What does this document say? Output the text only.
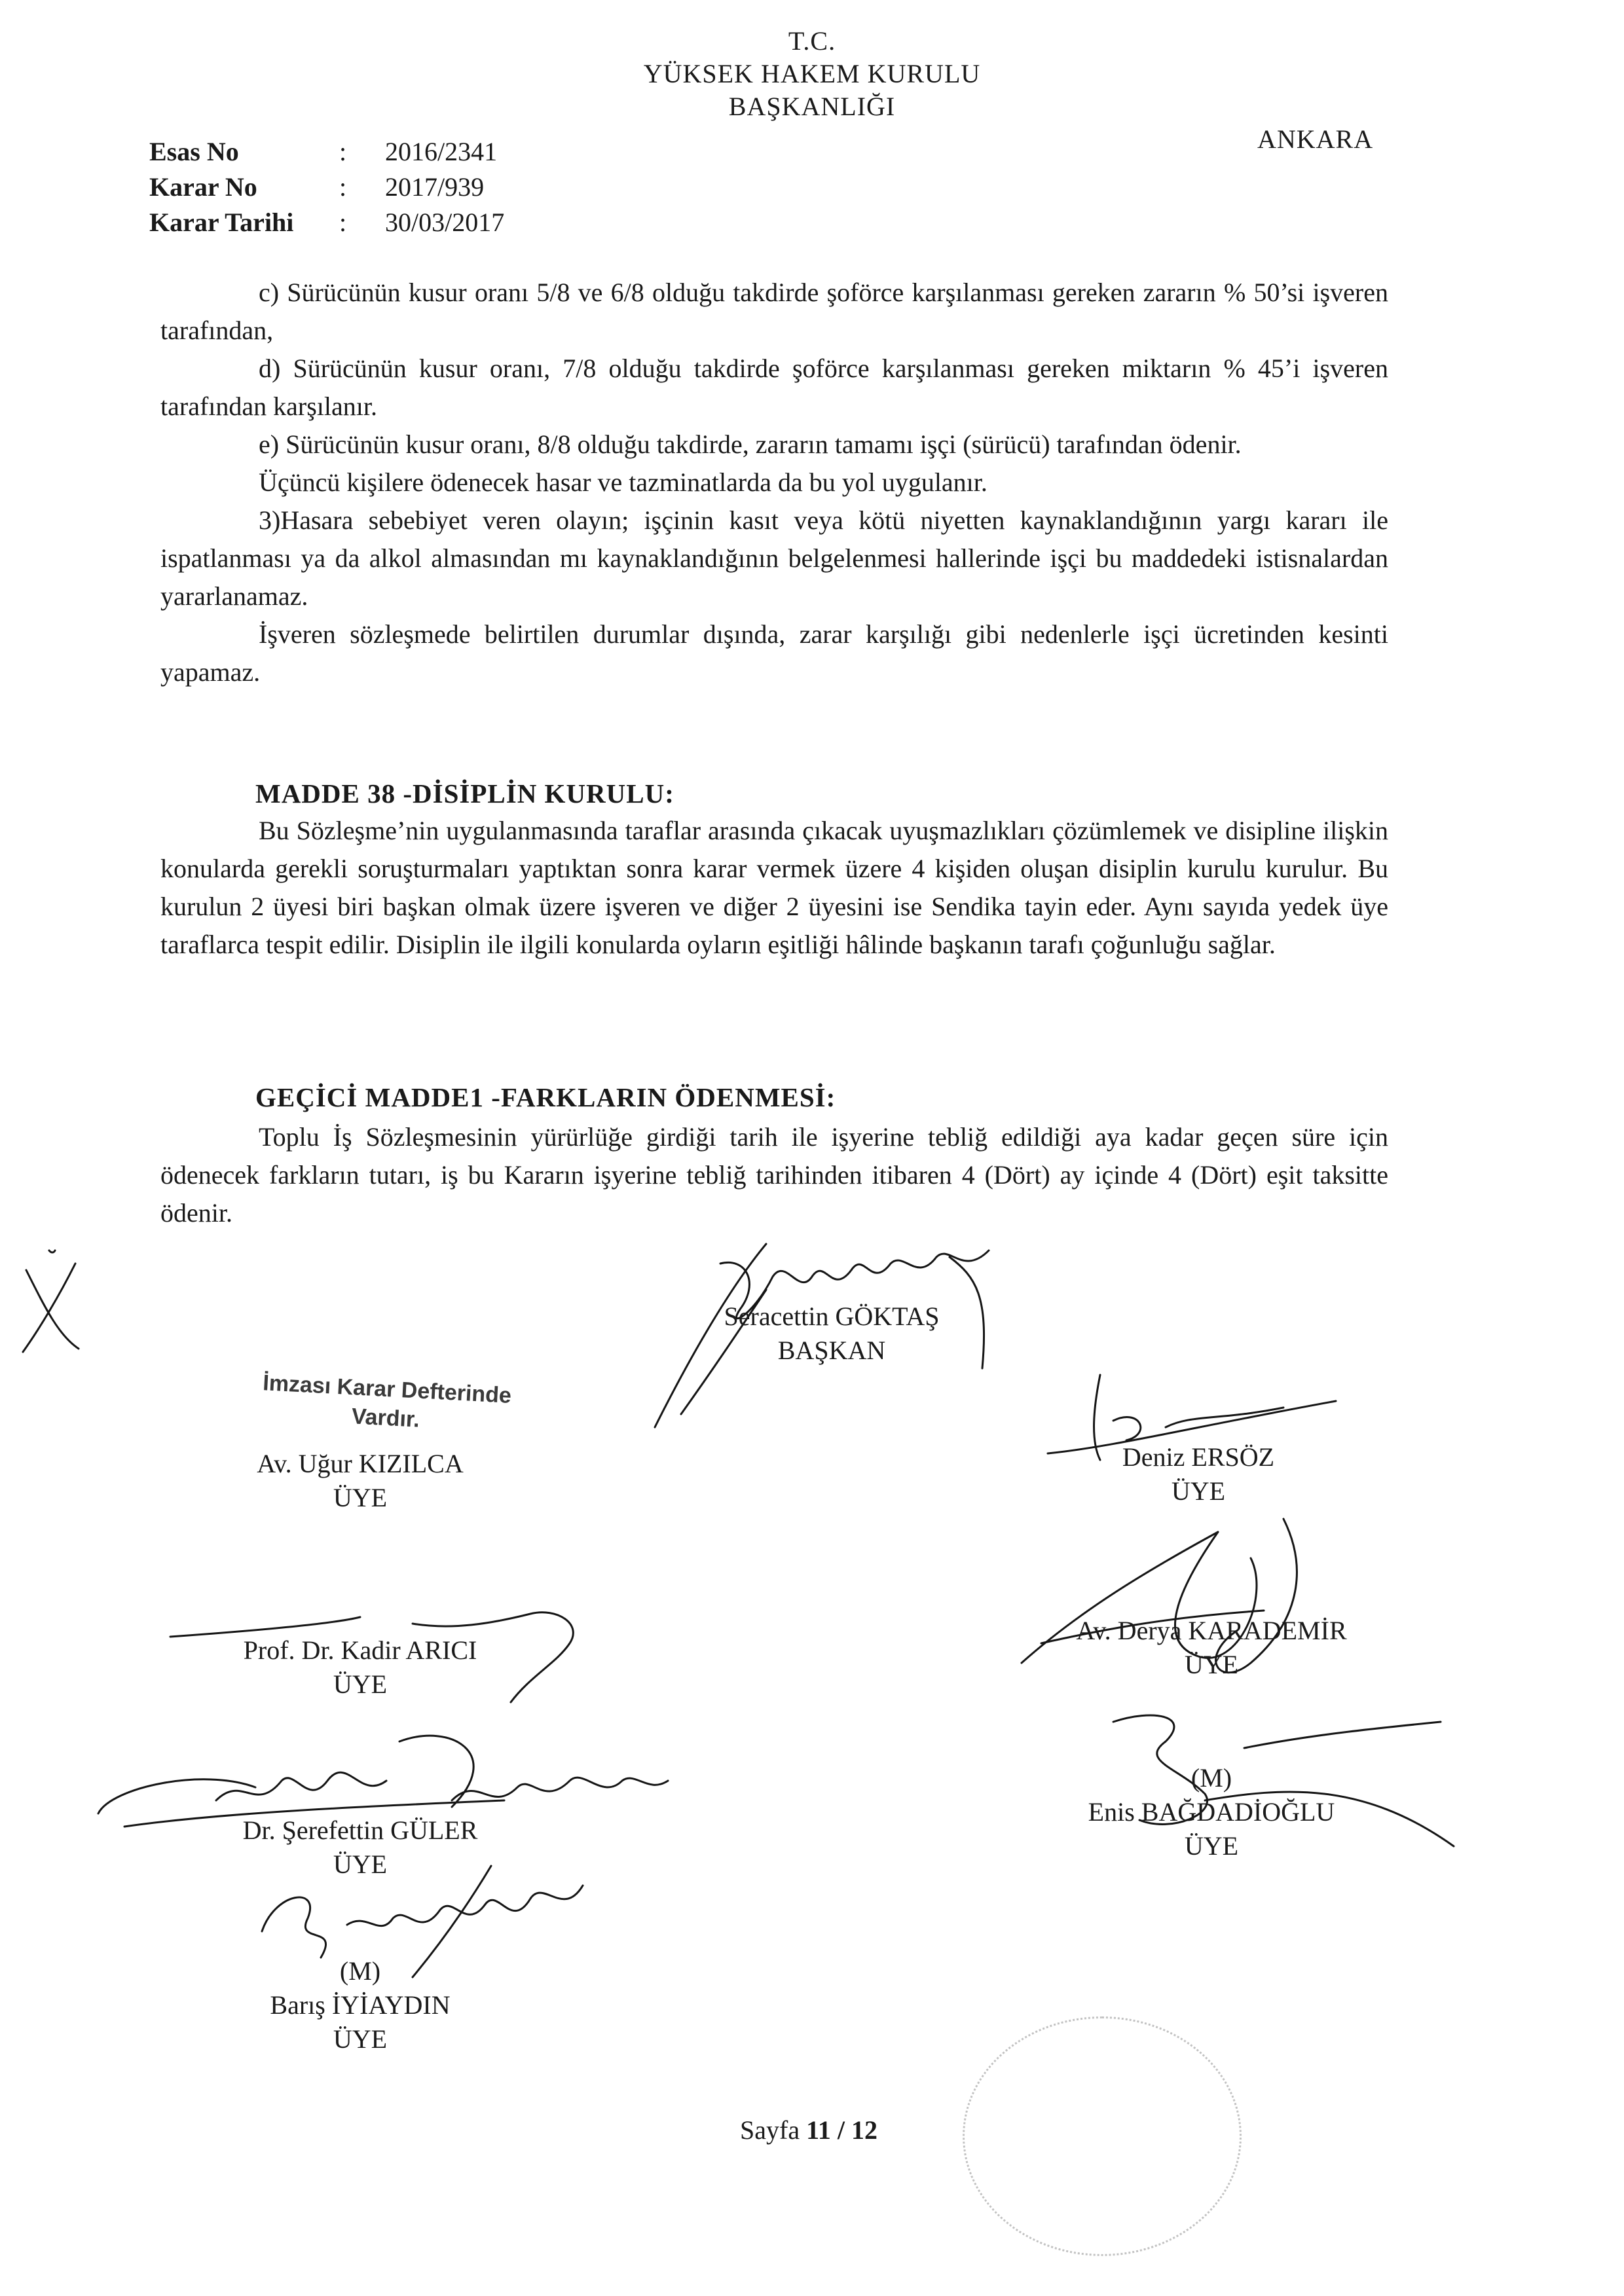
T.C.
YÜKSEK HAKEM KURULU
BAŞKANLIĞI
ANKARA
Esas No	: 2016/2341
Karar No	: 2017/939
Karar Tarihi : 30/03/2017

c) Sürücünün kusur oranı 5/8 ve 6/8 olduğu takdirde şoförce karşılanması gereken zararın % 50’si işveren tarafından,

d) Sürücünün kusur oranı, 7/8 olduğu takdirde şoförce karşılanması gereken miktarın % 45’i işveren tarafından karşılanır.

e) Sürücünün kusur oranı, 8/8 olduğu takdirde, zararın tamamı işçi (sürücü) tarafından ödenir.

Üçüncü kişilere ödenecek hasar ve tazminatlarda da bu yol uygulanır.

3)Hasara sebebiyet veren olayın; işçinin kasıt veya kötü niyetten kaynaklandığının yargı kararı ile ispatlanması ya da alkol almasından mı kaynaklandığının belgelenmesi hallerinde işçi bu maddedeki istisnalardan yararlanamaz.

İşveren sözleşmede belirtilen durumlar dışında, zarar karşılığı gibi nedenlerle işçi ücretinden kesinti yapamaz.

MADDE 38 -DİSİPLİN KURULU:

Bu Sözleşme’nin uygulanmasında taraflar arasında çıkacak uyuşmazlıkları çözümlemek ve disipline ilişkin konularda gerekli soruşturmaları yaptıktan sonra karar vermek üzere 4 kişiden oluşan disiplin kurulu kurulur. Bu kurulun 2 üyesi biri başkan olmak üzere işveren ve diğer 2 üyesini ise Sendika tayin eder. Aynı sayıda yedek üye taraflarca tespit edilir. Disiplin ile ilgili konularda oyların eşitliği hâlinde başkanın tarafı çoğunluğu sağlar.

GEÇİCİ MADDE1 -FARKLARIN ÖDENMESİ:

Toplu İş Sözleşmesinin yürürlüğe girdiği tarih ile işyerine tebliğ edildiği aya kadar geçen süre için ödenecek farkların tutarı, iş bu Kararın işyerine tebliğ tarihinden itibaren 4 (Dört) ay içinde 4 (Dört) eşit taksitte ödenir.

İmzası Karar Defterinde
Vardır.
Seracettin GÖKTAŞ
BAŞKAN
Av. Uğur KIZILCA
ÜYE
Deniz ERSÖZ
ÜYE
Prof. Dr. Kadir ARICI
ÜYE
Av. Derya KARADEMİR
ÜYE
Dr. Şerefettin GÜLER
ÜYE
(M)
Enis BAĞDADİOĞLU
ÜYE
(M)
Barış İYİAYDIN
ÜYE
Sayfa 11 / 12
